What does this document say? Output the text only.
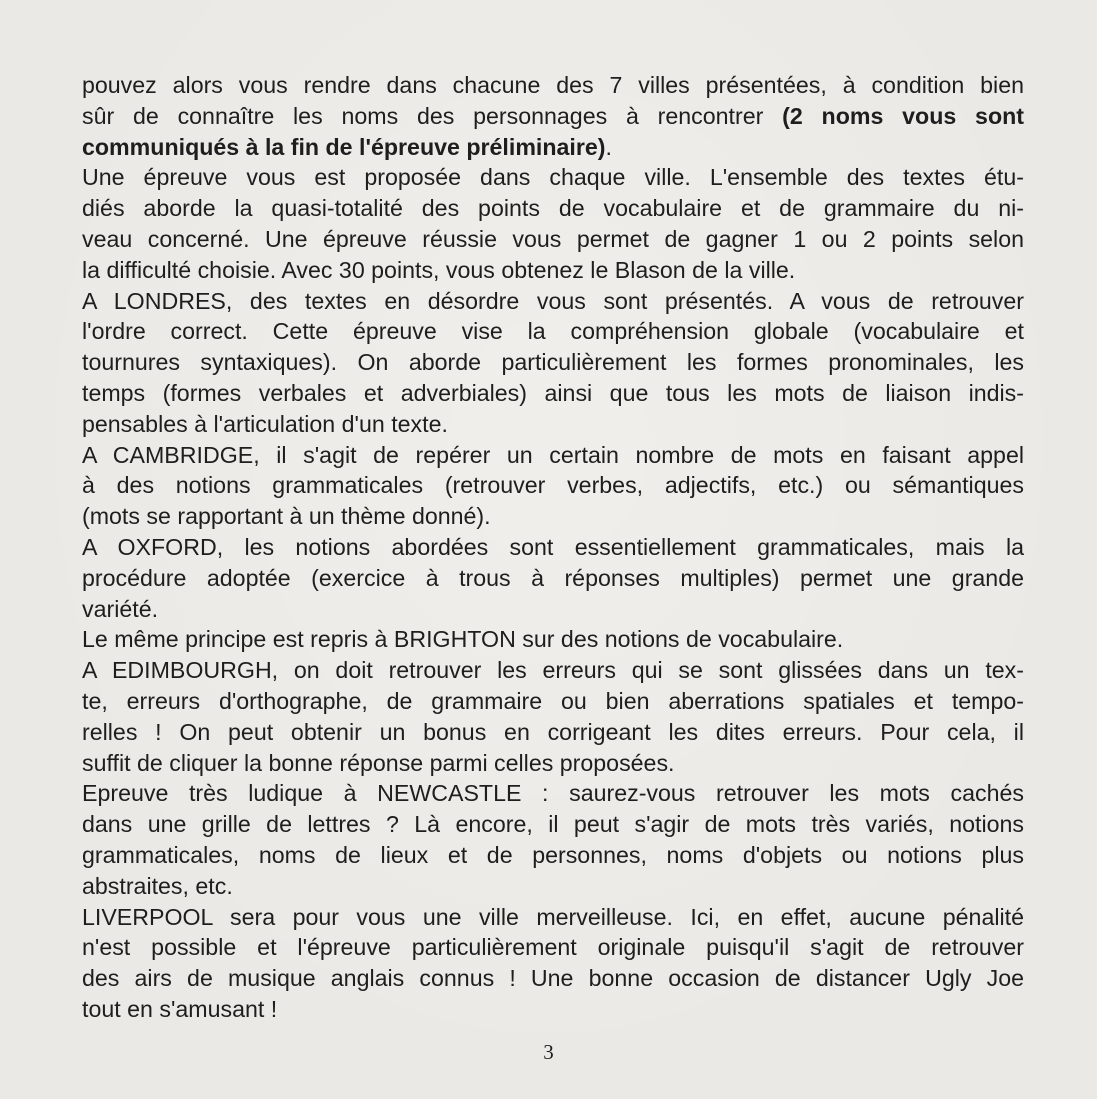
pouvez alors vous rendre dans chacune des 7 villes présentées, à condition bien
sûr de connaître les noms des personnages à rencontrer (2 noms vous sont
communiqués à la fin de l'épreuve préliminaire).
Une épreuve vous est proposée dans chaque ville. L'ensemble des textes étu-
diés aborde la quasi-totalité des points de vocabulaire et de grammaire du ni-
veau concerné. Une épreuve réussie vous permet de gagner 1 ou 2 points selon
la difficulté choisie. Avec 30 points, vous obtenez le Blason de la ville.
A LONDRES, des textes en désordre vous sont présentés. A vous de retrouver
l'ordre correct. Cette épreuve vise la compréhension globale (vocabulaire et
tournures syntaxiques). On aborde particulièrement les formes pronominales, les
temps (formes verbales et adverbiales) ainsi que tous les mots de liaison indis-
pensables à l'articulation d'un texte.
A CAMBRIDGE, il s'agit de repérer un certain nombre de mots en faisant appel
à des notions grammaticales (retrouver verbes, adjectifs, etc.) ou sémantiques
(mots se rapportant à un thème donné).
A OXFORD, les notions abordées sont essentiellement grammaticales, mais la
procédure adoptée (exercice à trous à réponses multiples) permet une grande
variété.
Le même principe est repris à BRIGHTON sur des notions de vocabulaire.
A EDIMBOURGH, on doit retrouver les erreurs qui se sont glissées dans un tex-
te, erreurs d'orthographe, de grammaire ou bien aberrations spatiales et tempo-
relles ! On peut obtenir un bonus en corrigeant les dites erreurs. Pour cela, il
suffit de cliquer la bonne réponse parmi celles proposées.
Epreuve très ludique à NEWCASTLE : saurez-vous retrouver les mots cachés
dans une grille de lettres ? Là encore, il peut s'agir de mots très variés, notions
grammaticales, noms de lieux et de personnes, noms d'objets ou notions plus
abstraites, etc.
LIVERPOOL sera pour vous une ville merveilleuse. Ici, en effet, aucune pénalité
n'est possible et l'épreuve particulièrement originale puisqu'il s'agit de retrouver
des airs de musique anglais connus ! Une bonne occasion de distancer Ugly Joe
tout en s'amusant !
3
